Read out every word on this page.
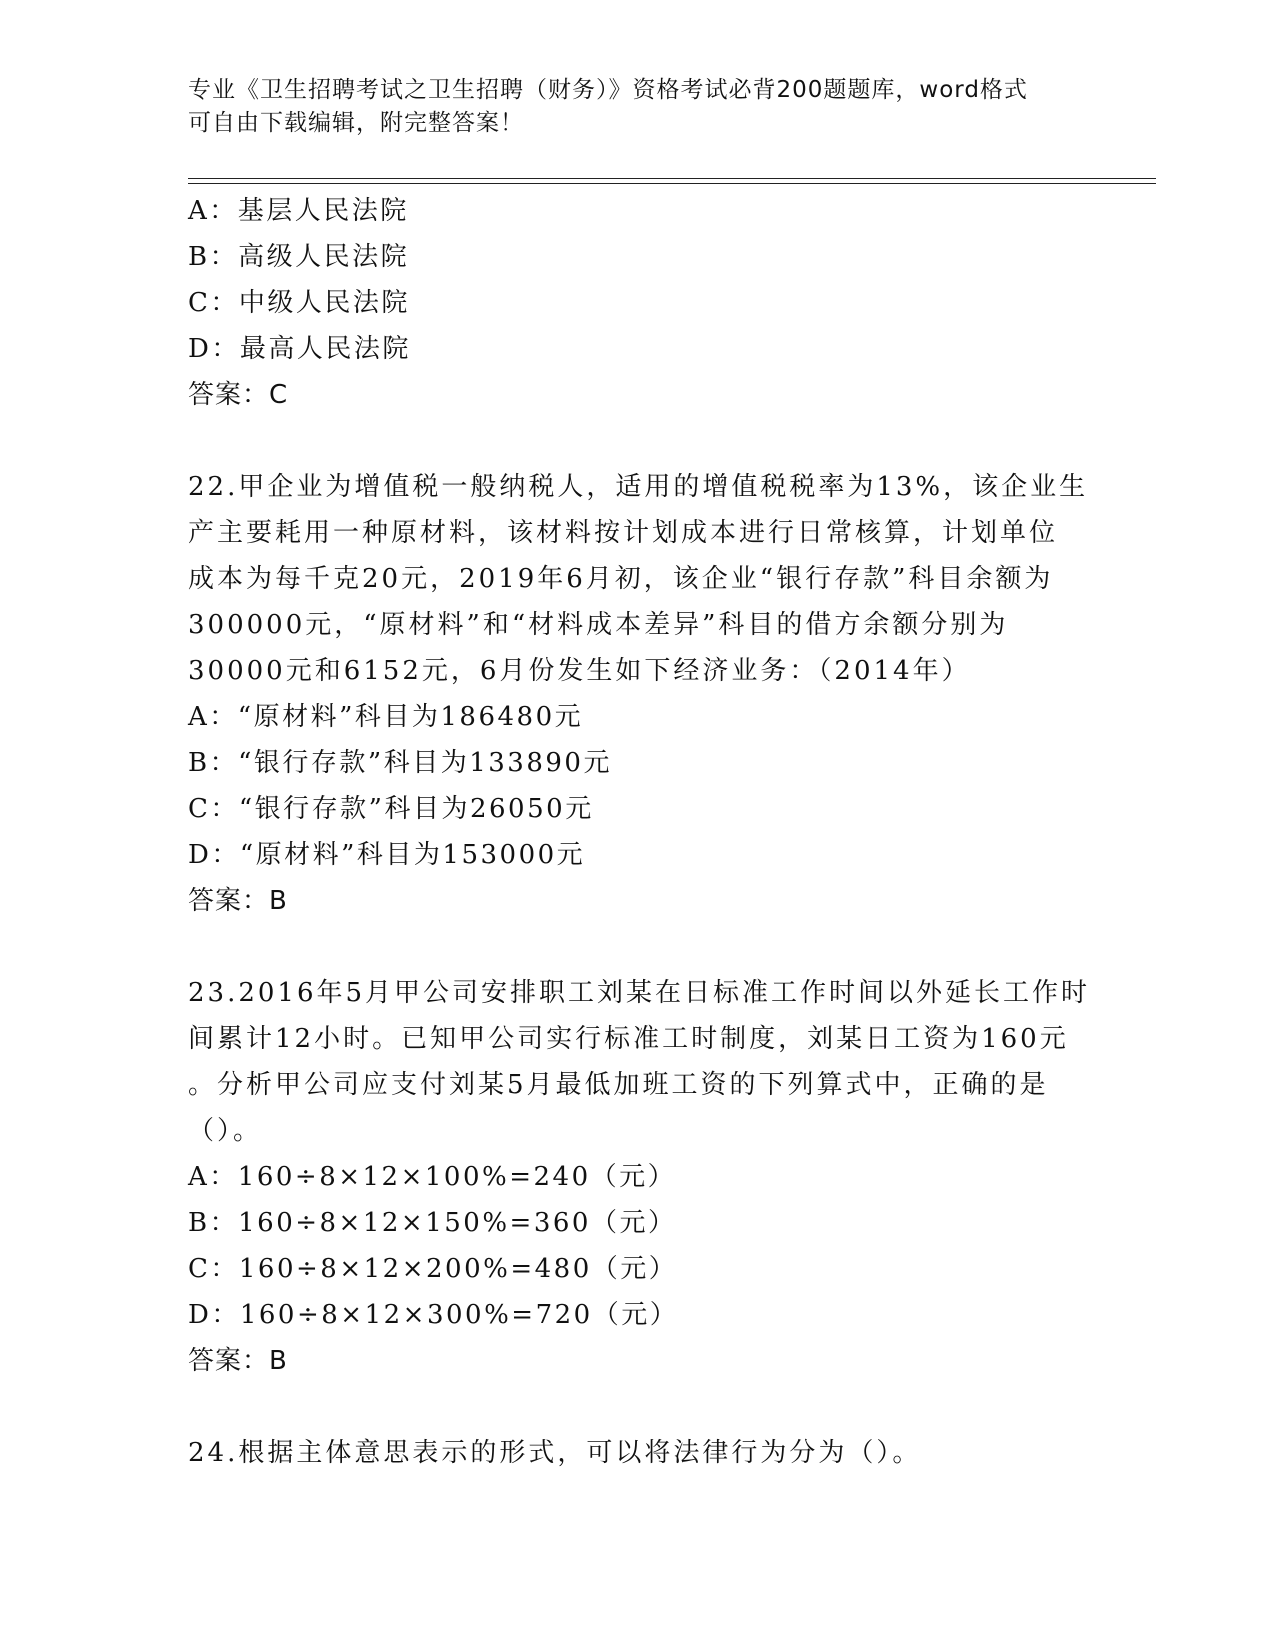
专业《卫生招聘考试之卫生招聘（财务）》资格考试必背200题题库，word格式
可自由下载编辑，附完整答案！
A：基层人民法院
B：高级人民法院
C：中级人民法院
D：最高人民法院
答案：C
22.甲企业为增值税一般纳税人，适用的增值税税率为13%，该企业生
产主要耗用一种原材料，该材料按计划成本进行日常核算，计划单位
成本为每千克20元，2019年6月初，该企业“银行存款”科目余额为
300000元，“原材料”和“材料成本差异”科目的借方余额分别为
30000元和6152元，6月份发生如下经济业务：（2014年）
A：“原材料”科目为186480元
B：“银行存款”科目为133890元
C：“银行存款”科目为26050元
D：“原材料”科目为153000元
答案：B
23.2016年5月甲公司安排职工刘某在日标准工作时间以外延长工作时
间累计12小时。已知甲公司实行标准工时制度，刘某日工资为160元
。分析甲公司应支付刘某5月最低加班工资的下列算式中，正确的是
（）。
A：160÷8×12×100%=240（元）
B：160÷8×12×150%=360（元）
C：160÷8×12×200%=480（元）
D：160÷8×12×300%=720（元）
答案：B
24.根据主体意思表示的形式，可以将法律行为分为（）。
